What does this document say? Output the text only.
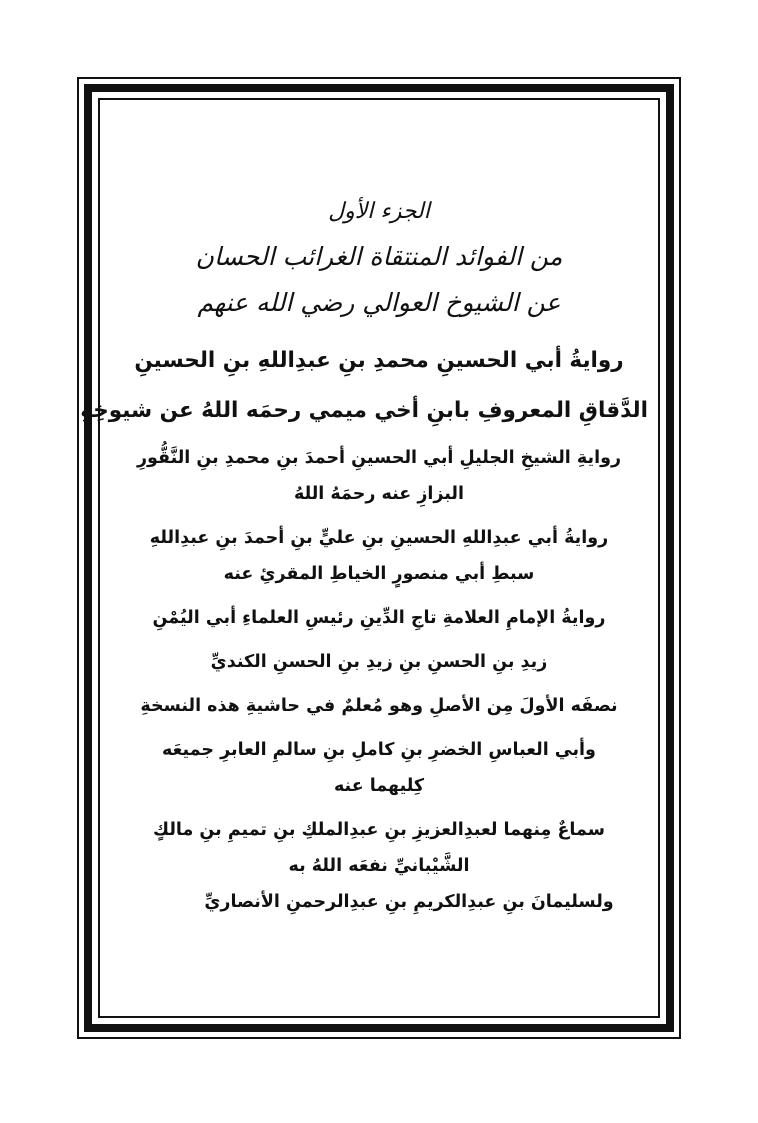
الجزء الأول
من الفوائد المنتقاة الغرائب الحسان
عن الشيوخ العوالي رضي الله عنهم
روايةُ أبي الحسينِ محمدِ بنِ عبدِاللهِ بنِ الحسينِ
الدَّقاقِ المعروفِ بابنِ أخي ميمي رحمَه اللهُ عن شيوخِهِ
روايةِ الشيخِ الجليلِ أبي الحسينِ أحمدَ بنِ محمدِ بنِ النَّقُّورِ
البزازِ عنه رحمَهُ اللهُ
روايةُ أبي عبدِاللهِ الحسينِ بنِ عليٍّ بنِ أحمدَ بنِ عبدِاللهِ
سبطِ أبي منصورٍ الخياطِ المقرئِ عنه
روايةُ الإمامِ العلامةِ تاجِ الدِّينِ رئيسِ العلماءِ أبي اليُمْنِ
زيدِ بنِ الحسنِ بنِ زيدِ بنِ الحسنِ الكنديِّ
نصفَه الأولَ مِن الأصلِ وهو مُعلمٌ في حاشيةِ هذه النسخةِ
وأبي العباسِ الخضرِ بنِ كاملِ بنِ سالمِ العابرِ جميعَه
كِليهما عنه
سماعٌ مِنهما لعبدِالعزيزِ بنِ عبدِالملكِ بنِ تميمِ بنِ مالكٍ
الشَّيْبانيِّ نفعَه اللهُ به
ولسليمانَ بنِ عبدِالكريمِ بنِ عبدِالرحمنِ الأنصاريِّ
